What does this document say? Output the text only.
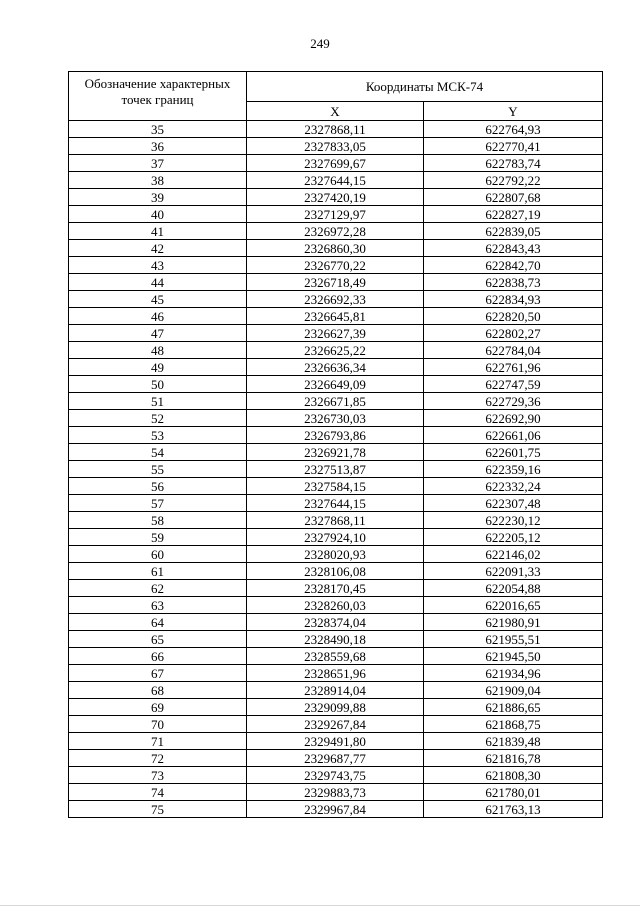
249
Обозначение характерных точек границ	Координаты МСК-74	
	X	Y
35	2327868,11	622764,93
36	2327833,05	622770,41
37	2327699,67	622783,74
38	2327644,15	622792,22
39	2327420,19	622807,68
40	2327129,97	622827,19
41	2326972,28	622839,05
42	2326860,30	622843,43
43	2326770,22	622842,70
44	2326718,49	622838,73
45	2326692,33	622834,93
46	2326645,81	622820,50
47	2326627,39	622802,27
48	2326625,22	622784,04
49	2326636,34	622761,96
50	2326649,09	622747,59
51	2326671,85	622729,36
52	2326730,03	622692,90
53	2326793,86	622661,06
54	2326921,78	622601,75
55	2327513,87	622359,16
56	2327584,15	622332,24
57	2327644,15	622307,48
58	2327868,11	622230,12
59	2327924,10	622205,12
60	2328020,93	622146,02
61	2328106,08	622091,33
62	2328170,45	622054,88
63	2328260,03	622016,65
64	2328374,04	621980,91
65	2328490,18	621955,51
66	2328559,68	621945,50
67	2328651,96	621934,96
68	2328914,04	621909,04
69	2329099,88	621886,65
70	2329267,84	621868,75
71	2329491,80	621839,48
72	2329687,77	621816,78
73	2329743,75	621808,30
74	2329883,73	621780,01
75	2329967,84	621763,13
